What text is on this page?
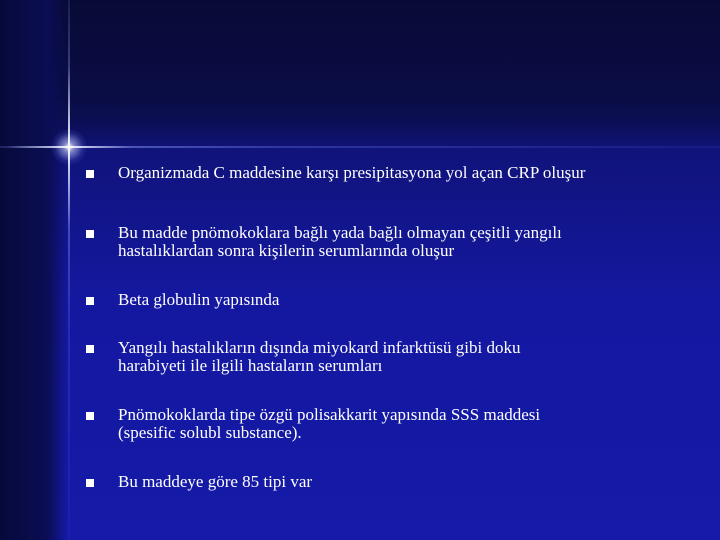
Organizmada C maddesine karşı presipitasyona yol açan CRP oluşur
Bu madde pnömokoklara bağlı yada bağlı olmayan çeşitli yangılı
hastalıklardan sonra kişilerin serumlarında oluşur
Beta globulin yapısında
Yangılı hastalıkların dışında miyokard infarktüsü gibi doku
harabiyeti ile ilgili hastaların serumları
Pnömokoklarda tipe özgü polisakkarit yapısında SSS maddesi
(spesific solubl substance).
Bu maddeye göre 85 tipi var
